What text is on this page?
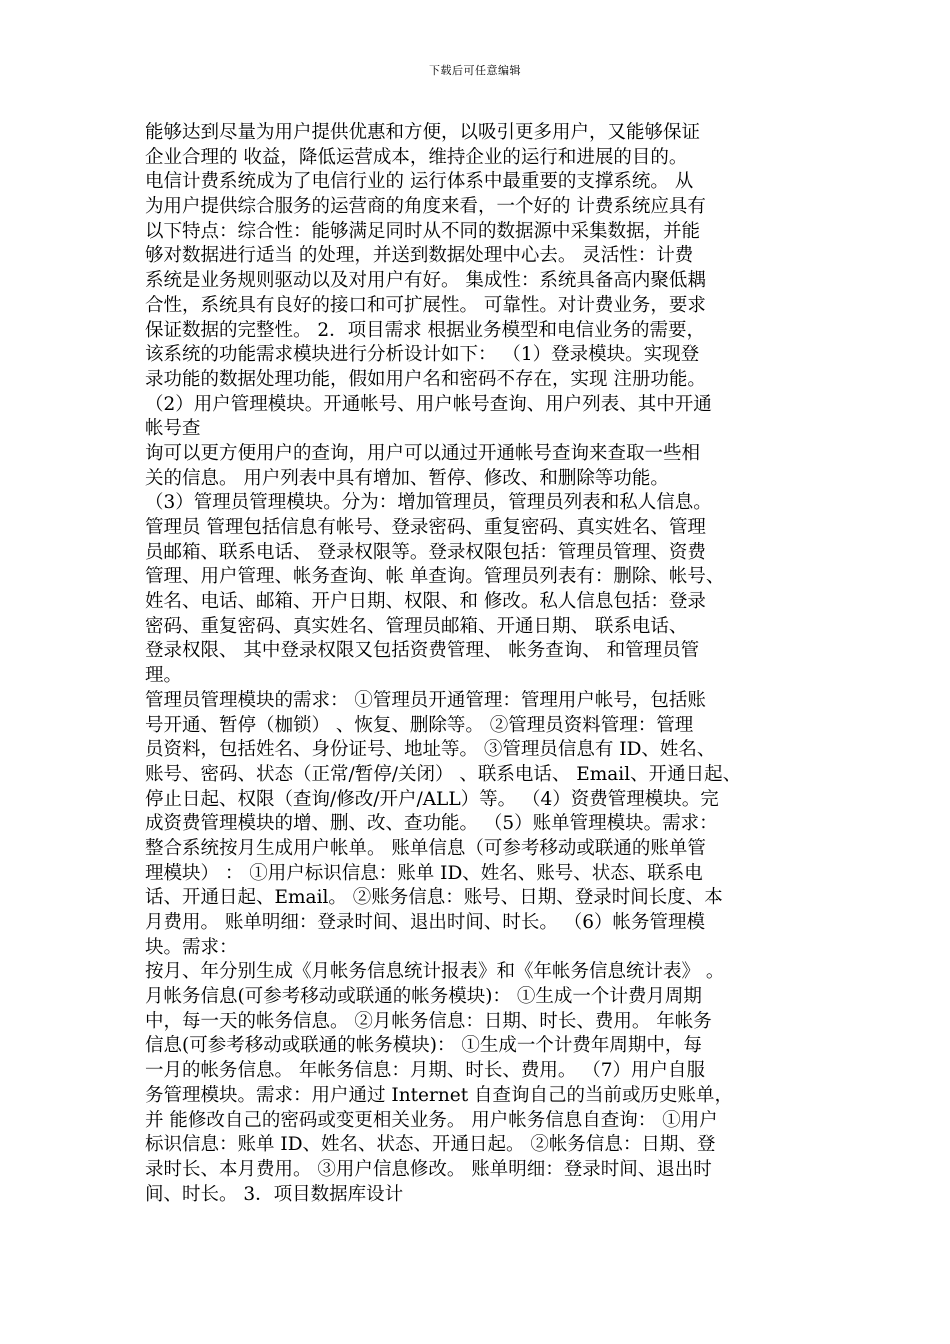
下载后可任意编辑
能够达到尽量为用户提供优惠和方便，以吸引更多用户，又能够保证
企业合理的 收益，降低运营成本，维持企业的运行和进展的目的。
电信计费系统成为了电信行业的 运行体系中最重要的支撑系统。 从
为用户提供综合服务的运营商的角度来看，一个好的 计费系统应具有
以下特点：综合性：能够满足同时从不同的数据源中采集数据，并能
够对数据进行适当 的处理，并送到数据处理中心去。 灵活性：计费
系统是业务规则驱动以及对用户有好。 集成性：系统具备高内聚低耦
合性，系统具有良好的接口和可扩展性。 可靠性。对计费业务，要求
保证数据的完整性。 2．项目需求 根据业务模型和电信业务的需要，
该系统的功能需求模块进行分析设计如下： （1）登录模块。实现登
录功能的数据处理功能，假如用户名和密码不存在，实现 注册功能。
（2）用户管理模块。开通帐号、用户帐号查询、用户列表、其中开通
帐号查
询可以更方便用户的查询，用户可以通过开通帐号查询来查取一些相
关的信息。 用户列表中具有增加、暂停、修改、和删除等功能。
（3）管理员管理模块。分为：增加管理员，管理员列表和私人信息。
管理员 管理包括信息有帐号、登录密码、重复密码、真实姓名、管理
员邮箱、联系电话、 登录权限等。登录权限包括：管理员管理、资费
管理、用户管理、帐务查询、帐 单查询。管理员列表有：删除、帐号、
姓名、电话、邮箱、开户日期、权限、和 修改。私人信息包括：登录
密码、重复密码、真实姓名、管理员邮箱、开通日期、 联系电话、
登录权限、 其中登录权限又包括资费管理、 帐务查询、 和管理员管
理。
管理员管理模块的需求： ①管理员开通管理：管理用户帐号，包括账
号开通、暂停（枷锁） 、恢复、删除等。 ②管理员资料管理：管理
员资料，包括姓名、身份证号、地址等。 ③管理员信息有 ID、姓名、
账号、密码、状态（正常/暂停/关闭） 、联系电话、 Email、开通日起、
停止日起、权限（查询/修改/开户/ALL）等。 （4）资费管理模块。完
成资费管理模块的增、删、改、查功能。 （5）账单管理模块。需求：
整合系统按月生成用户帐单。 账单信息（可参考移动或联通的账单管
理模块） ： ①用户标识信息：账单 ID、姓名、账号、状态、联系电
话、开通日起、Email。 ②账务信息：账号、日期、登录时间长度、本
月费用。 账单明细：登录时间、退出时间、时长。 （6）帐务管理模
块。需求：
按月、年分别生成《月帐务信息统计报表》和《年帐务信息统计表》 。
月帐务信息(可参考移动或联通的帐务模块)： ①生成一个计费月周期
中，每一天的帐务信息。 ②月帐务信息：日期、时长、费用。 年帐务
信息(可参考移动或联通的帐务模块)： ①生成一个计费年周期中，每
一月的帐务信息。 年帐务信息：月期、时长、费用。 （7）用户自服
务管理模块。需求：用户通过 Internet 自查询自己的当前或历史账单，
并 能修改自己的密码或变更相关业务。 用户帐务信息自查询： ①用户
标识信息：账单 ID、姓名、状态、开通日起。 ②帐务信息：日期、登
录时长、本月费用。 ③用户信息修改。 账单明细：登录时间、退出时
间、时长。 3．项目数据库设计
